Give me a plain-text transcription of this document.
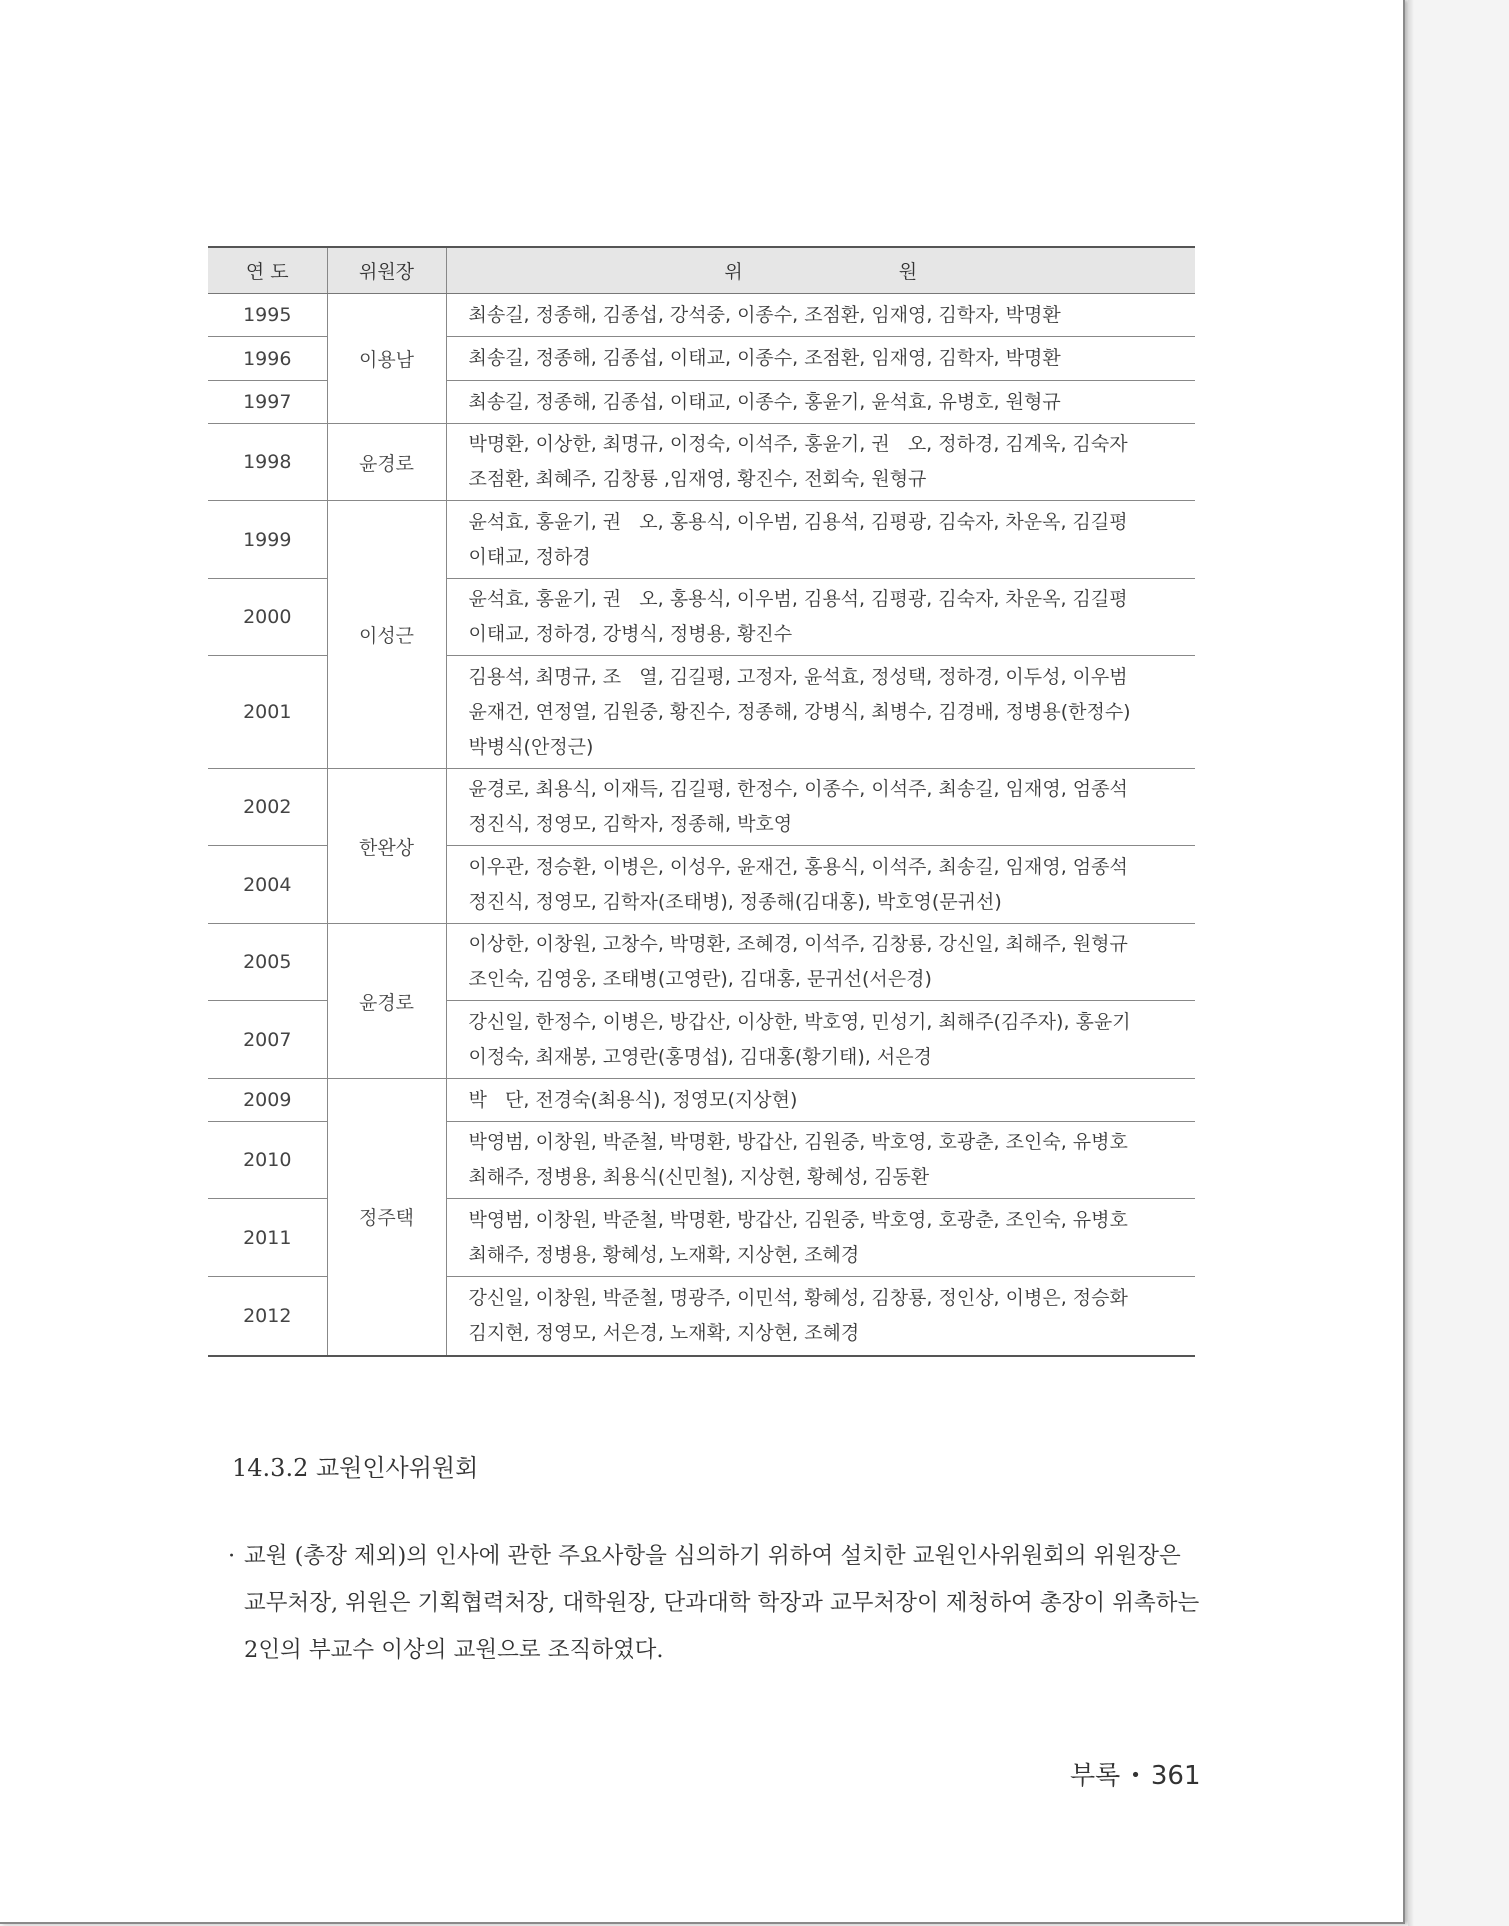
연 도	위원장	위 원
1995	이용남	최송길, 정종해, 김종섭, 강석중, 이종수, 조점환, 임재영, 김학자, 박명환

1996		최송길, 정종해, 김종섭, 이태교, 이종수, 조점환, 임재영, 김학자, 박명환

1997		최송길, 정종해, 김종섭, 이태교, 이종수, 홍윤기, 윤석효, 유병호, 원형규

1998	윤경로	박명환, 이상한, 최명규, 이정숙, 이석주, 홍윤기, 권   오, 정하경, 김계욱, 김숙자
조점환, 최혜주, 김창룡 ,임재영, 황진수, 전회숙, 원형규

1999	이성근	윤석효, 홍윤기, 권   오, 홍용식, 이우범, 김용석, 김평광, 김숙자, 차운옥, 김길평
이태교, 정하경

2000		윤석효, 홍윤기, 권   오, 홍용식, 이우범, 김용석, 김평광, 김숙자, 차운옥, 김길평
이태교, 정하경, 강병식, 정병용, 황진수

2001		김용석, 최명규, 조   열, 김길평, 고정자, 윤석효, 정성택, 정하경, 이두성, 이우범
윤재건, 연정열, 김원중, 황진수, 정종해, 강병식, 최병수, 김경배, 정병용(한정수)
박병식(안정근)

2002	한완상	윤경로, 최용식, 이재득, 김길평, 한정수, 이종수, 이석주, 최송길, 임재영, 엄종석
정진식, 정영모, 김학자, 정종해, 박호영

2004		이우관, 정승환, 이병은, 이성우, 윤재건, 홍용식, 이석주, 최송길, 임재영, 엄종석
정진식, 정영모, 김학자(조태병), 정종해(김대홍), 박호영(문귀선)

2005	윤경로	이상한, 이창원, 고창수, 박명환, 조혜경, 이석주, 김창룡, 강신일, 최해주, 원형규
조인숙, 김영웅, 조태병(고영란), 김대홍, 문귀선(서은경)

2007		강신일, 한정수, 이병은, 방갑산, 이상한, 박호영, 민성기, 최해주(김주자), 홍윤기
이정숙, 최재봉, 고영란(홍명섭), 김대홍(황기태), 서은경

2009	정주택	박   단, 전경숙(최용식), 정영모(지상현)

2010		박영범, 이창원, 박준철, 박명환, 방갑산, 김원중, 박호영, 호광춘, 조인숙, 유병호
최해주, 정병용, 최용식(신민철), 지상현, 황혜성, 김동환

2011		박영범, 이창원, 박준철, 박명환, 방갑산, 김원중, 박호영, 호광춘, 조인숙, 유병호
최해주, 정병용, 황혜성, 노재확, 지상현, 조혜경

2012		강신일, 이창원, 박준철, 명광주, 이민석, 황혜성, 김창룡, 정인상, 이병은, 정승화
김지현, 정영모, 서은경, 노재확, 지상현, 조혜경
14.3.2 교원인사위원회
· 교원 (총장 제외)의 인사에 관한 주요사항을 심의하기 위하여 설치한 교원인사위원회의 위원장은 교무처장, 위원은 기획협력처장, 대학원장, 단과대학 학장과 교무처장이 제청하여 총장이 위촉하는 2인의 부교수 이상의 교원으로 조직하였다.
부록 • 361
